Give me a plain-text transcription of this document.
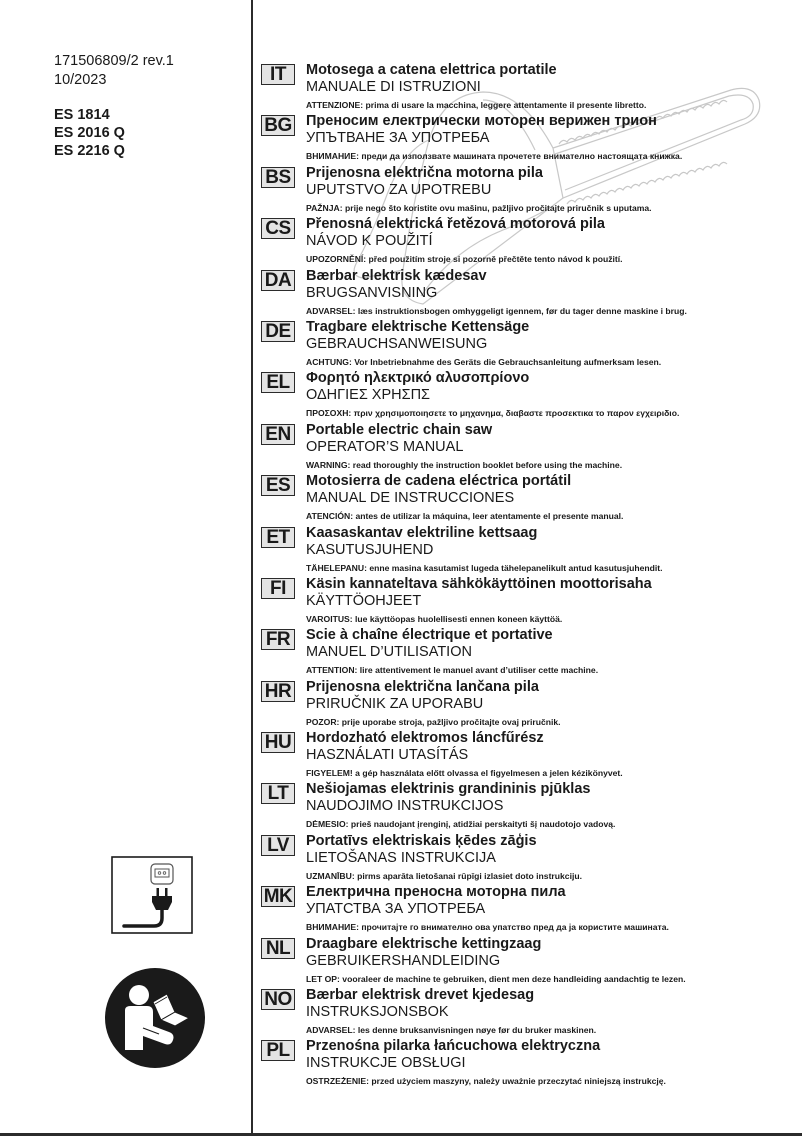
171506809/2 rev.1
10/2023
ES 1814
ES 2016 Q
ES 2216 Q
IT	Motosega a catena elettrica portatile
MANUALE DI ISTRUZIONI
ATTENZIONE: prima di usare la macchina, leggere attentamente il presente libretto.
BG Преносим електрически моторен верижен трион
УПЪТВАНЕ ЗА УПОТРЕБА
ВНИМАНИЕ: преди да използвате машината прочетете внимателно настоящата книжка.
BS Prijenosna električna motorna pila
UPUTSTVO ZA UPOTREBU
PAŽNJA: prije nego što koristite ovu mašinu, pažljivo pročitajte priručnik s uputama.
CS Přenosná elektrická řetězová motorová pila
NÁVOD K POUŽITÍ
UPOZORNĚNÍ: před použitím stroje si pozorně přečtěte tento návod k použití.
DA Bærbar elektrisk kædesav
BRUGSANVISNING
ADVARSEL: læs instruktionsbogen omhyggeligt igennem, før du tager denne maskine i brug.
DE Tragbare elektrische Kettensäge
GEBRAUCHSANWEISUNG
ACHTUNG: Vor Inbetriebnahme des Geräts die Gebrauchsanleitung aufmerksam lesen.
EL	Φορητό ηλεκτρικό αλυσοπρίονο
ΟΔΗΓΙΕΣ ΧΡΗΣΠΣ
ΠΡΟΣΟΧΗ: πριν χρησιμοποιησετε το μηχανημα, διαβαστε προσεκτικα το παρον εγχειριδιο.
EN Portable electric chain saw
OPERATOR’S MANUAL
WARNING: read thoroughly the instruction booklet before using the machine.
ES	Motosierra de cadena eléctrica portátil
MANUAL DE INSTRUCCIONES
ATENCIÓN: antes de utilizar la máquina, leer atentamente el presente manual.
ET	Kaasaskantav elektriline kettsaag
KASUTUSJUHEND
TÄHELEPANU: enne masina kasutamist lugeda tähelepanelikult antud kasutusjuhendit.
FI	Käsin kannateltava sähkökäyttöinen moottorisaha
KÄYTTÖOHJEET
VAROITUS: lue käyttöopas huolellisesti ennen koneen käyttöä.
FR	Scie à chaîne électrique et portative
MANUEL D’UTILISATION
ATTENTION: lire attentivement le manuel avant d’utiliser cette machine.
HR Prijenosna električna lančana pila
PRIRUČNIK ZA UPORABU
POZOR: prije uporabe stroja, pažljivo pročitajte ovaj priručnik.
HU Hordozható elektromos láncfűrész
HASZNÁLATI UTASÍTÁS
FIGYELEM! a gép használata előtt olvassa el figyelmesen a jelen kézikönyvet.
LT	Nešiojamas elektrinis grandininis pjūklas
NAUDOJIMO INSTRUKCIJOS
DĖMESIO: prieš naudojant įrenginį, atidžiai perskaityti šį naudotojo vadovą.
LV	Portatīvs elektriskais ķēdes zāģis
LIETOŠANAS INSTRUKCIJA
UZMANĪBU: pirms aparāta lietošanai rūpīgi izlasiet doto instrukciju.
MK Електрична преносна моторна пила
УПАТСТВА ЗА УПОТРЕБА
ВНИМАНИЕ: прочитајте го внимателно ова упатство пред да ја користите машината.
NL	Draagbare elektrische kettingzaag
GEBRUIKERSHANDLEIDING
LET OP: vooraleer de machine te gebruiken, dient men deze handleiding aandachtig te lezen.
NO Bærbar elektrisk drevet kjedesag
INSTRUKSJONSBOK
ADVARSEL: les denne bruksanvisningen nøye før du bruker maskinen.
PL	Przenośna pilarka łańcuchowa elektryczna
INSTRUKCJE OBSŁUGI
OSTRZEŻENIE: przed użyciem maszyny, należy uważnie przeczytać niniejszą instrukcję.
